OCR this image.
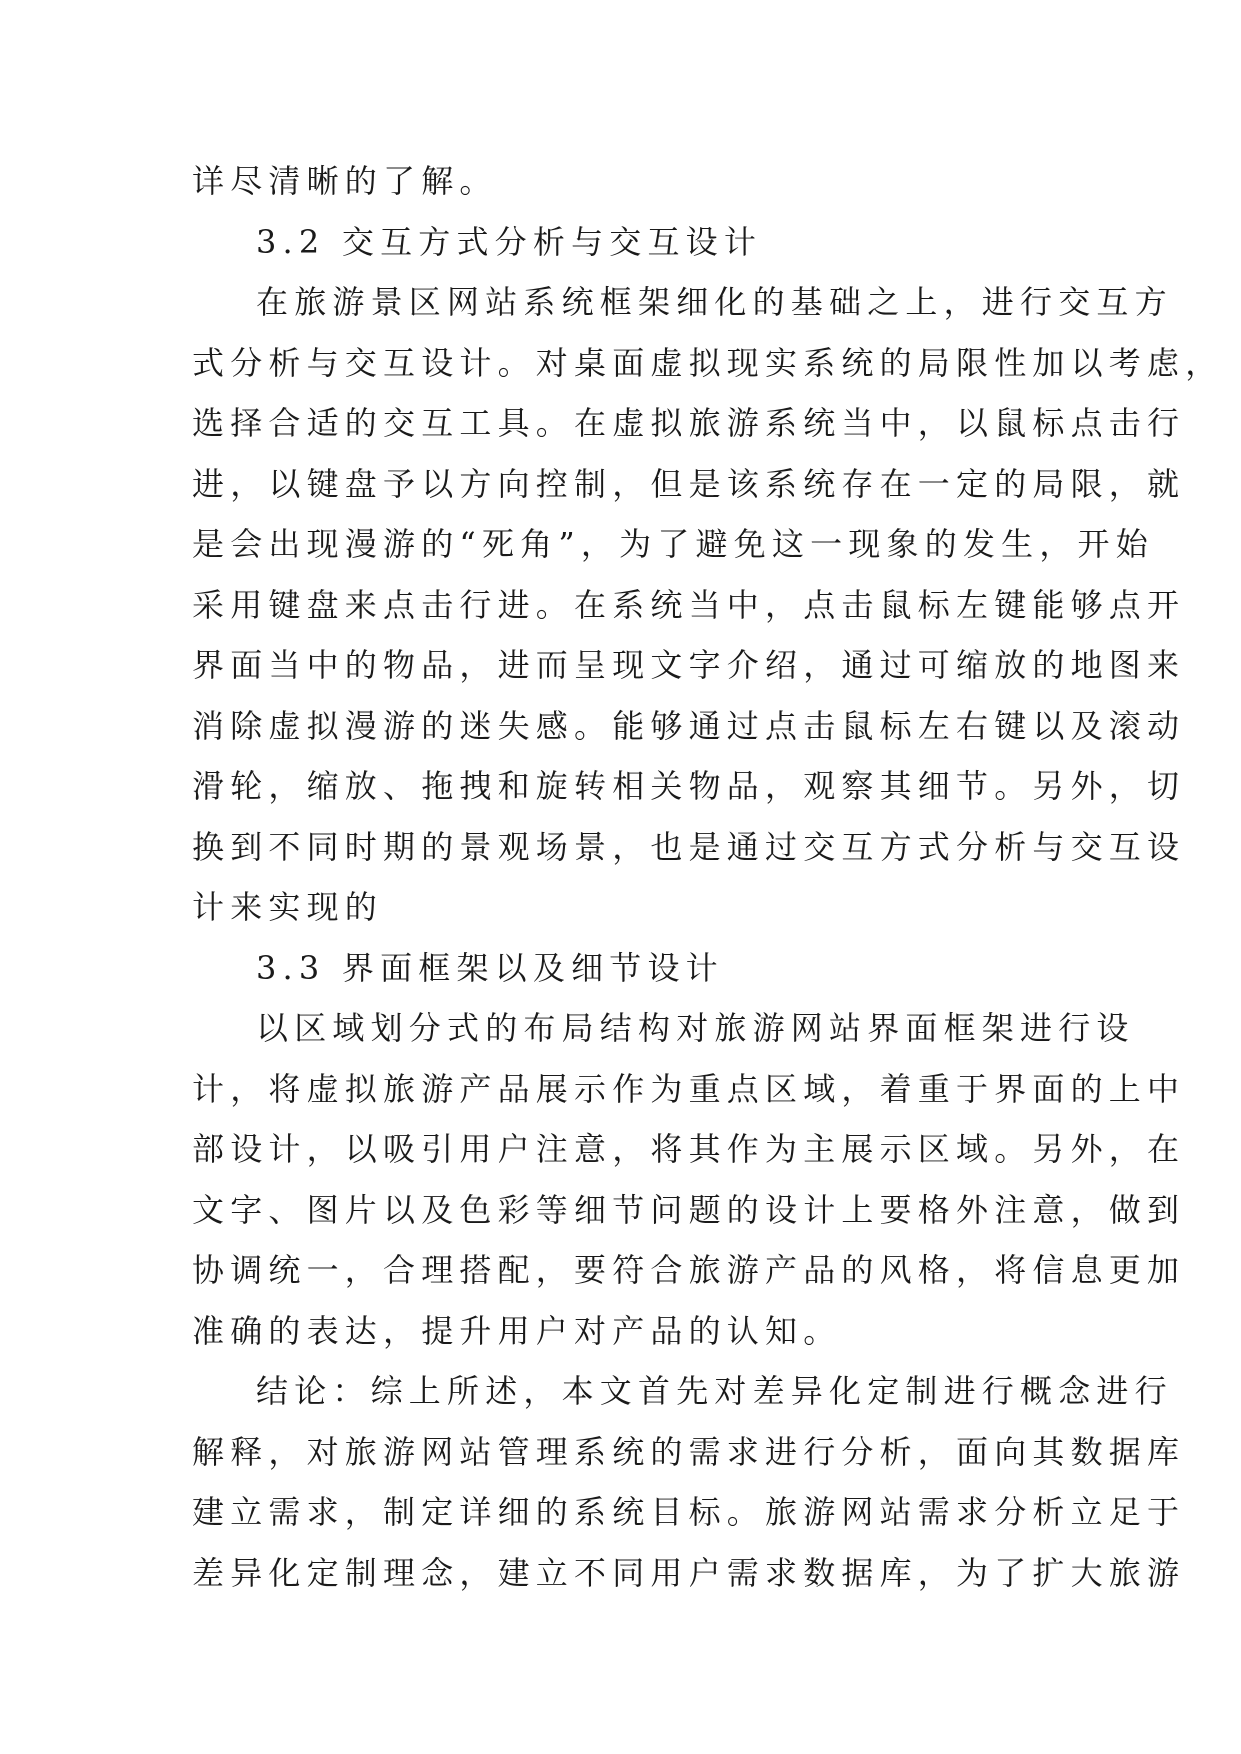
详尽清晰的了解。
3.2 交互方式分析与交互设计
在旅游景区网站系统框架细化的基础之上，进行交互方
式分析与交互设计。对桌面虚拟现实系统的局限性加以考虑，
选择合适的交互工具。在虚拟旅游系统当中，以鼠标点击行
进，以键盘予以方向控制，但是该系统存在一定的局限，就
是会出现漫游的“死角”，为了避免这一现象的发生，开始
采用键盘来点击行进。在系统当中，点击鼠标左键能够点开
界面当中的物品，进而呈现文字介绍，通过可缩放的地图来
消除虚拟漫游的迷失感。能够通过点击鼠标左右键以及滚动
滑轮，缩放、拖拽和旋转相关物品，观察其细节。另外，切
换到不同时期的景观场景，也是通过交互方式分析与交互设
计来实现的
3.3 界面框架以及细节设计
以区域划分式的布局结构对旅游网站界面框架进行设
计，将虚拟旅游产品展示作为重点区域，着重于界面的上中
部设计，以吸引用户注意，将其作为主展示区域。另外，在
文字、图片以及色彩等细节问题的设计上要格外注意，做到
协调统一，合理搭配，要符合旅游产品的风格，将信息更加
准确的表达，提升用户对产品的认知。
结论：综上所述，本文首先对差异化定制进行概念进行
解释，对旅游网站管理系统的需求进行分析，面向其数据库
建立需求，制定详细的系统目标。旅游网站需求分析立足于
差异化定制理念，建立不同用户需求数据库，为了扩大旅游
